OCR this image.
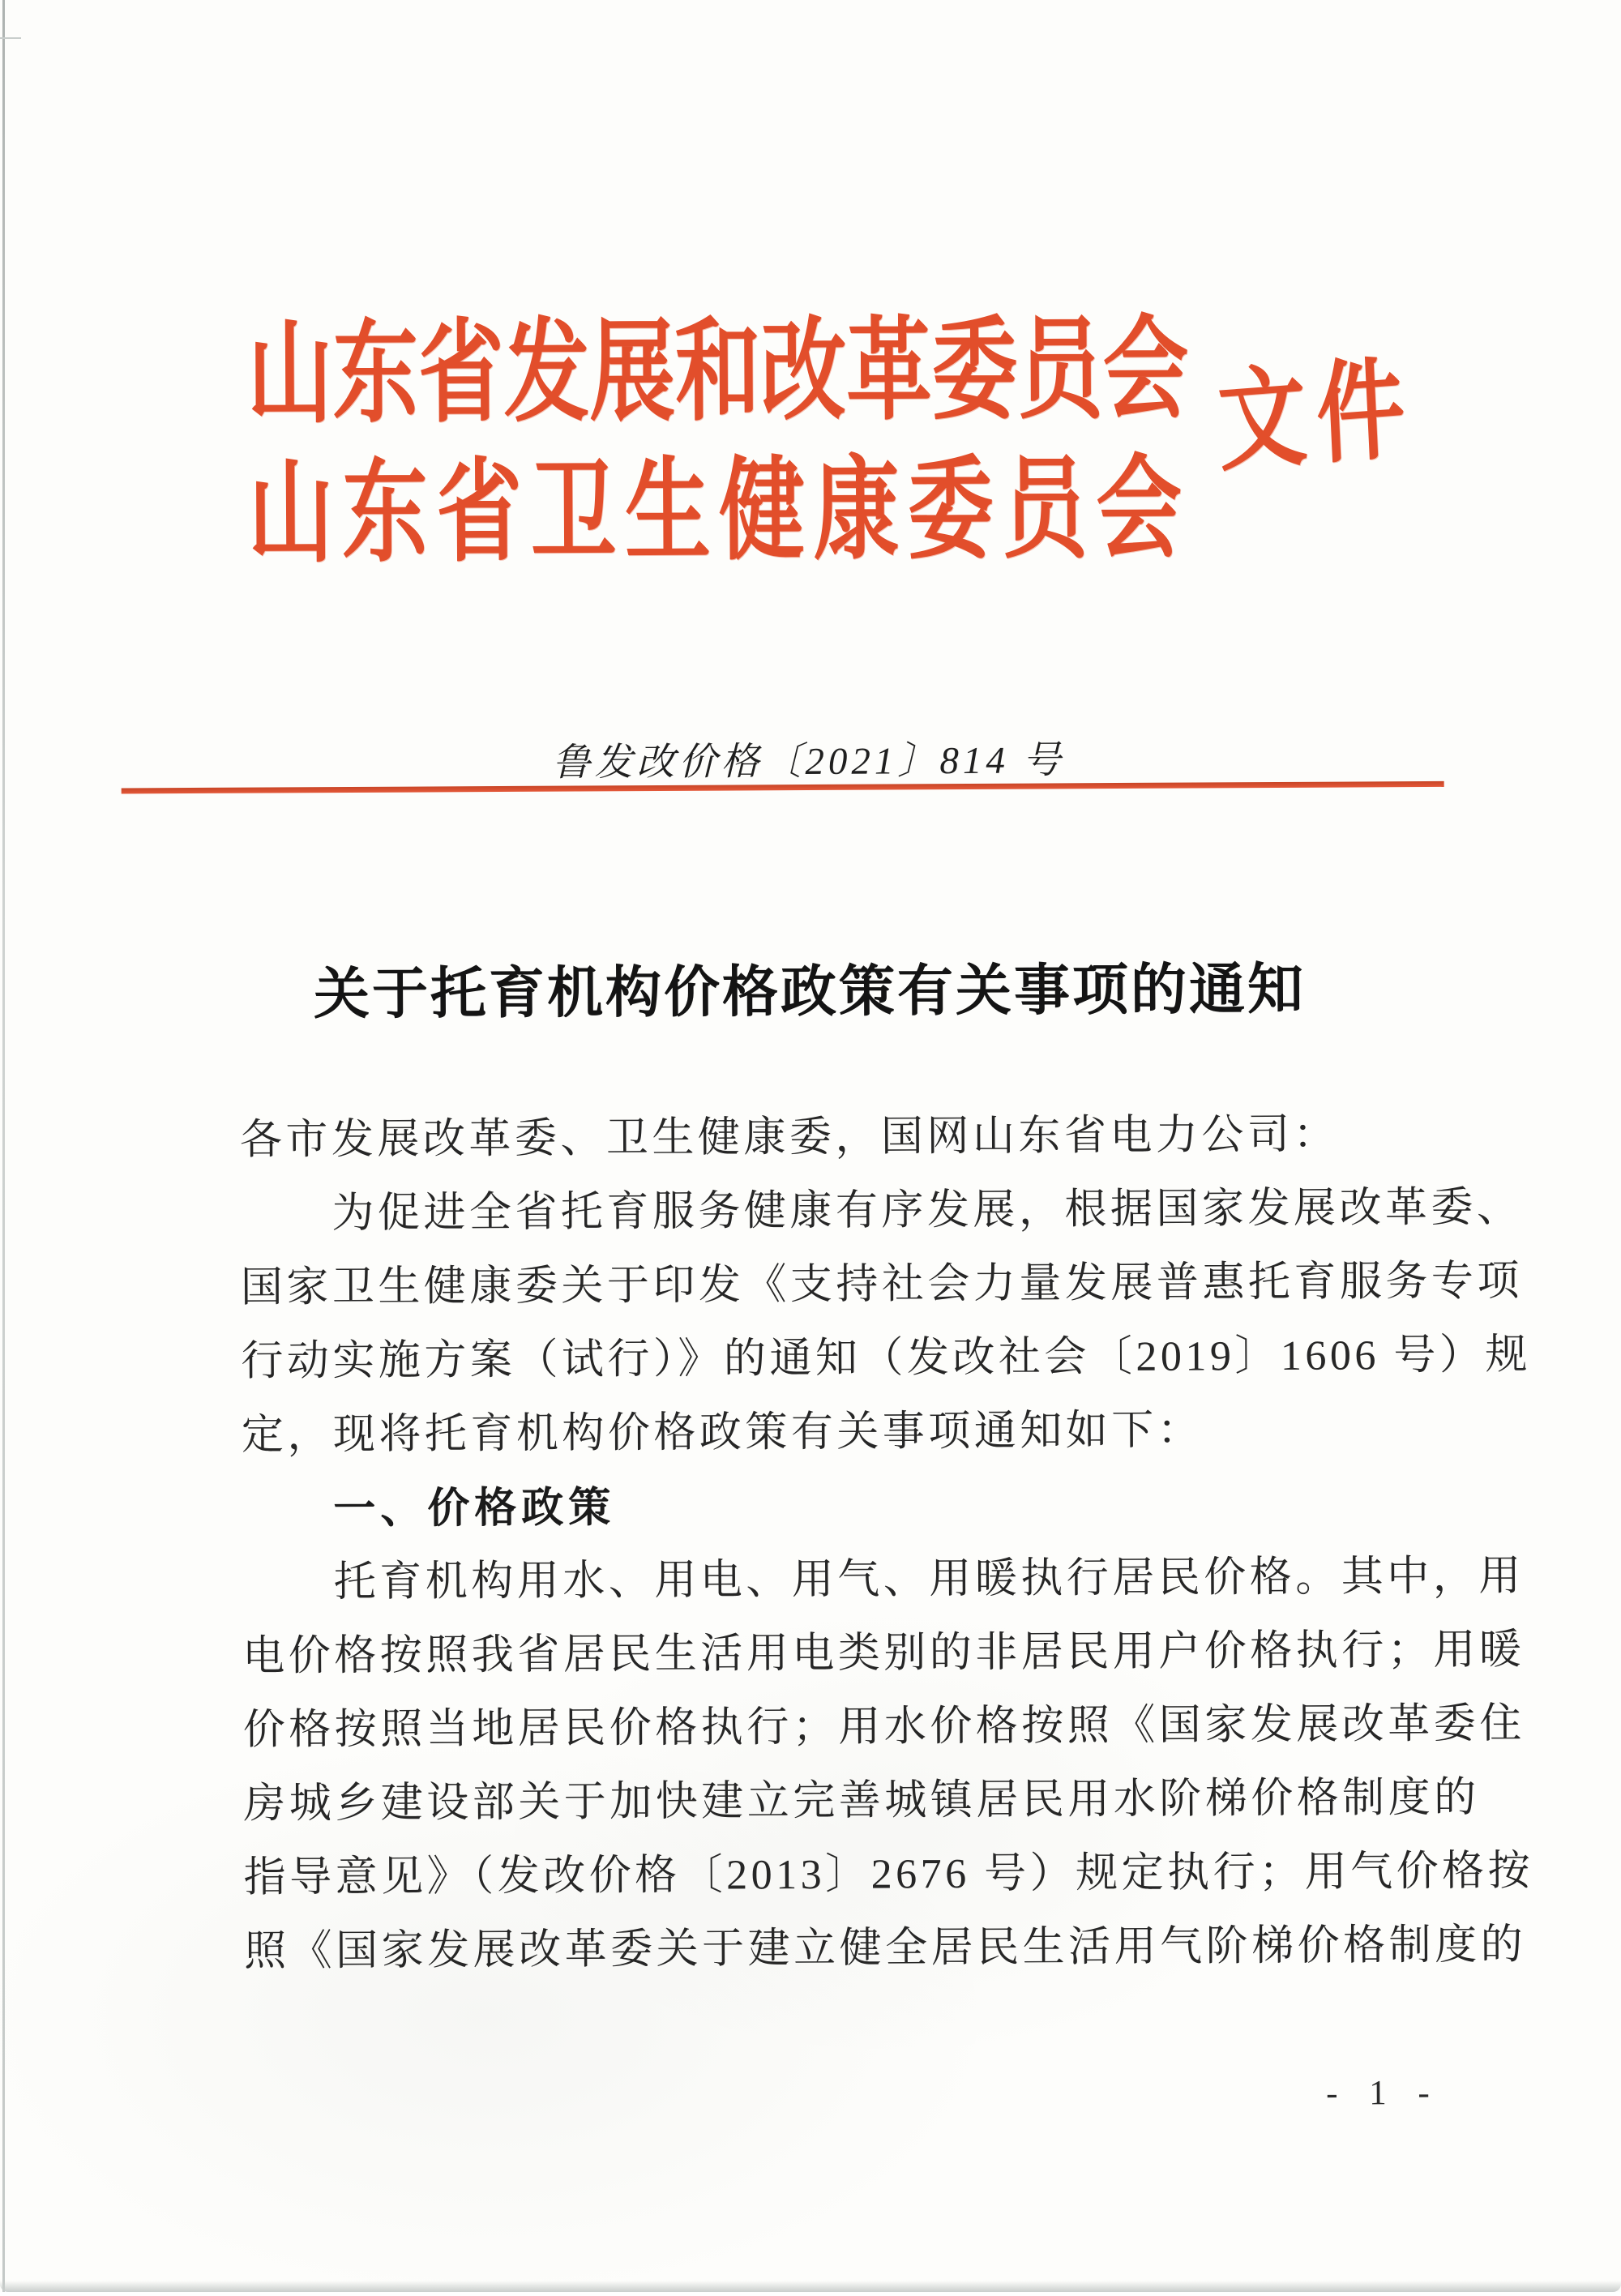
山东省发展和改革委员会
山东省卫生健康委员会
文件
鲁发改价格〔2021〕814 号
关于托育机构价格政策有关事项的通知
各市发展改革委、卫生健康委，国网山东省电力公司：
为促进全省托育服务健康有序发展，根据国家发展改革委、
国家卫生健康委关于印发《支持社会力量发展普惠托育服务专项
行动实施方案（试行）》的通知（发改社会〔2019〕1606 号）规
定，现将托育机构价格政策有关事项通知如下：
一、价格政策
托育机构用水、用电、用气、用暖执行居民价格。其中，用
电价格按照我省居民生活用电类别的非居民用户价格执行；用暖
价格按照当地居民价格执行；用水价格按照《国家发展改革委住
房城乡建设部关于加快建立完善城镇居民用水阶梯价格制度的
指导意见》（发改价格〔2013〕2676 号）规定执行；用气价格按
照《国家发展改革委关于建立健全居民生活用气阶梯价格制度的
- 1 -
